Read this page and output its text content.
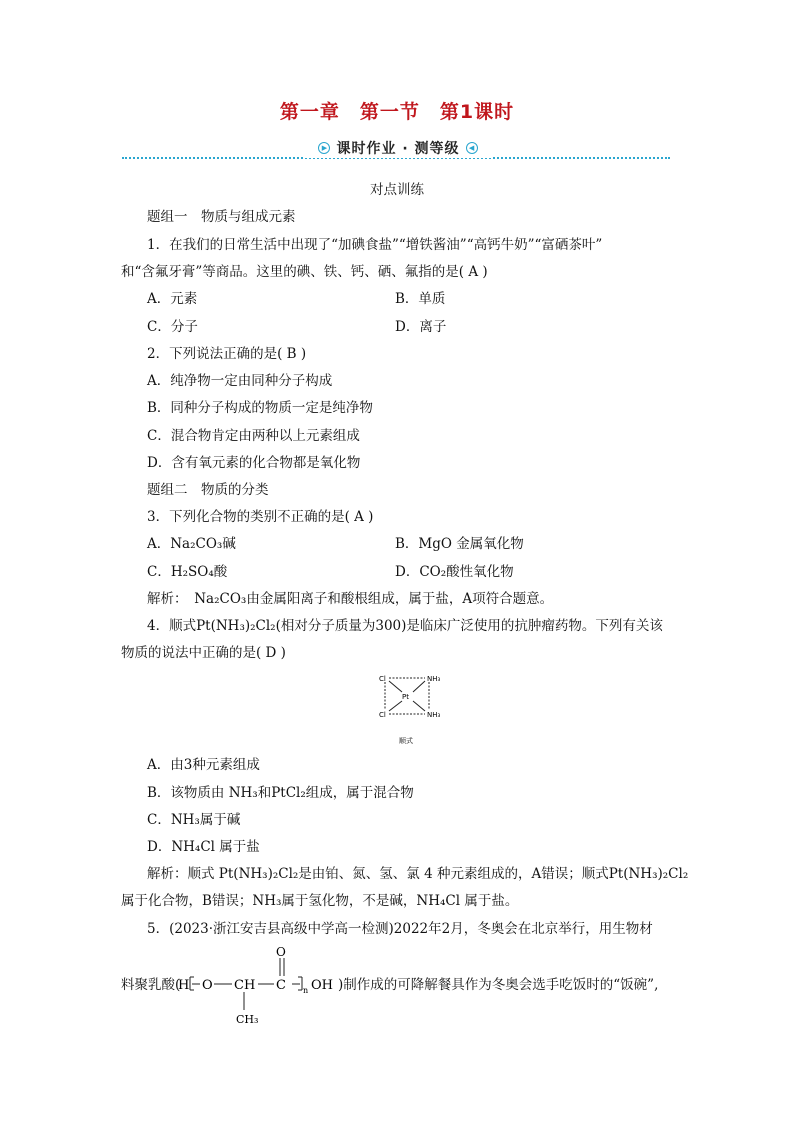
第一章　第一节　第1课时
▶ 课时作业 · 测等级	◀
对点训练
题组一　物质与组成元素
1．在我们的日常生活中出现了“加碘食盐”“增铁酱油”“高钙牛奶”“富硒茶叶”
和“含氟牙膏”等商品。这里的碘、铁、钙、硒、氟指的是( A )
A．元素	B．单质
C．分子	D．离子
2．下列说法正确的是( B )
A．纯净物一定由同种分子构成
B．同种分子构成的物质一定是纯净物
C．混合物肯定由两种以上元素组成
D．含有氧元素的化合物都是氧化物
题组二　物质的分类
3．下列化合物的类别不正确的是( A )
A．Na₂CO₃碱	B．MgO 金属氧化物
C．H₂SO₄酸	D．CO₂酸性氧化物
解析：　Na₂CO₃由金属阳离子和酸根组成，属于盐，A项符合题意。
4．顺式Pt(NH₃)₂Cl₂(相对分子质量为300)是临床广泛使用的抗肿瘤药物。下列有关该
物质的说法中正确的是( D )
Cl	NH₃
Pt
Cl	NH₃
顺式
A．由3种元素组成
B．该物质由 NH₃和PtCl₂组成，属于混合物
C．NH₃属于碱
D．NH₄Cl 属于盐
解析：顺式 Pt(NH₃)₂Cl₂是由铂、氮、氢、氯 4 种元素组成的，A错误；顺式Pt(NH₃)₂Cl₂
属于化合物，B错误；NH₃属于氢化物，不是碱，NH₄Cl 属于盐。
5．(2023·浙江安吉县高级中学高一检测)2022年2月，冬奥会在北京举行，用生物材
料聚乳酸(
H O CH C
O
CH₃
n OH )制作成的可降解餐具作为冬奥会选手吃饭时的“饭碗”,
